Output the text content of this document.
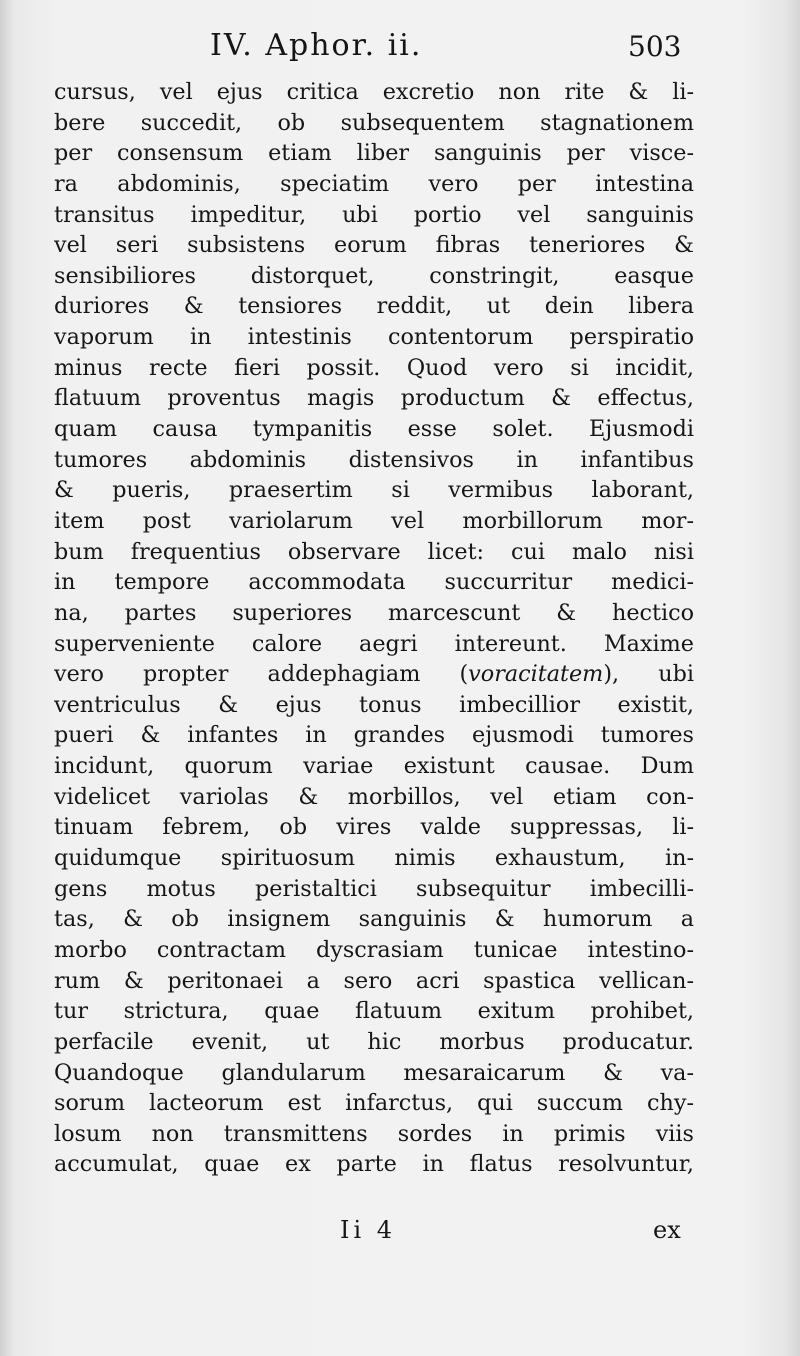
IV. Aphor. ii.	503
cursus, vel ejus critica excretio non rite & li-
bere succedit, ob subsequentem stagnationem
per consensum etiam liber sanguinis per visce-
ra abdominis, speciatim vero per intestina
transitus impeditur, ubi portio vel sanguinis
vel seri subsistens eorum fibras teneriores &
sensibiliores distorquet, constringit, easque
duriores & tensiores reddit, ut dein libera
vaporum in intestinis contentorum perspiratio
minus recte fieri possit. Quod vero si incidit,
flatuum proventus magis productum & effectus,
quam causa tympanitis esse solet. Ejusmodi
tumores abdominis distensivos in infantibus
& pueris, praesertim si vermibus laborant,
item post variolarum vel morbillorum mor-
bum frequentius observare licet: cui malo nisi
in tempore accommodata succurritur medici-
na, partes superiores marcescunt & hectico
superveniente calore aegri intereunt. Maxime
vero propter addephagiam (voracitatem), ubi
ventriculus & ejus tonus imbecillior existit,
pueri & infantes in grandes ejusmodi tumores
incidunt, quorum variae existunt causae. Dum
videlicet variolas & morbillos, vel etiam con-
tinuam febrem, ob vires valde suppressas, li-
quidumque spirituosum nimis exhaustum, in-
gens motus peristaltici subsequitur imbecilli-
tas, & ob insignem sanguinis & humorum a
morbo contractam dyscrasiam tunicae intestino-
rum & peritonaei a sero acri spastica vellican-
tur strictura, quae flatuum exitum prohibet,
perfacile evenit, ut hic morbus producatur.
Quandoque glandularum mesaraicarum & va-
sorum lacteorum est infarctus, qui succum chy-
losum non transmittens sordes in primis viis
accumulat, quae ex parte in flatus resolvuntur,
Ii 4	ex
